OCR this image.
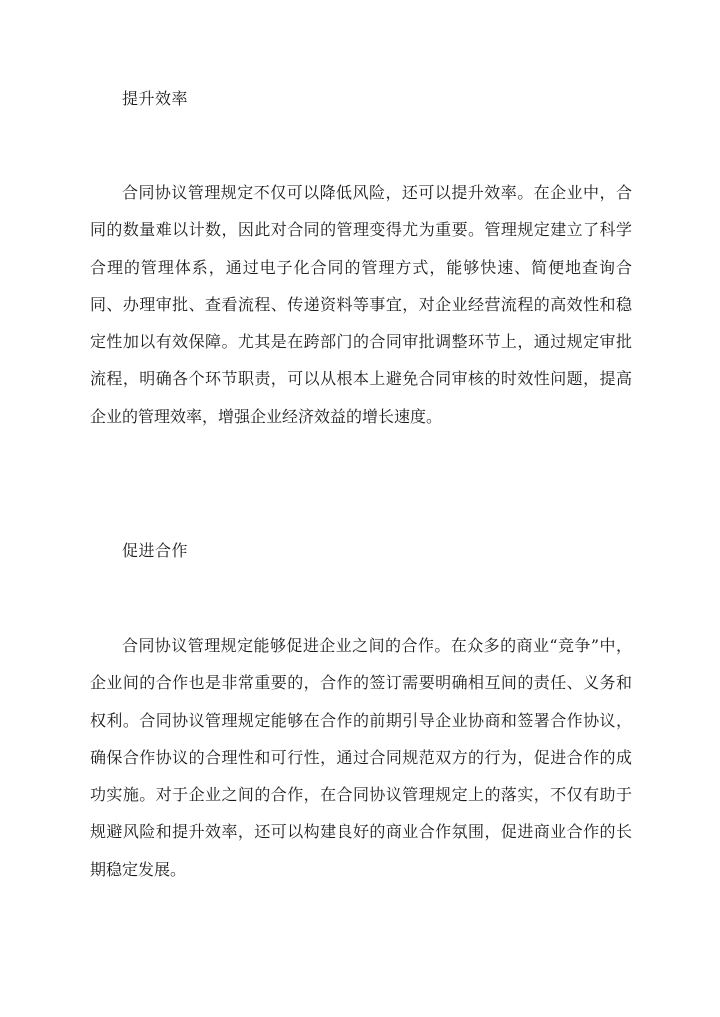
提升效率

合同协议管理规定不仅可以降低风险，还可以提升效率。在企业中，合同的数量难以计数，因此对合同的管理变得尤为重要。管理规定建立了科学合理的管理体系，通过电子化合同的管理方式，能够快速、简便地查询合同、办理审批、查看流程、传递资料等事宜，对企业经营流程的高效性和稳定性加以有效保障。尤其是在跨部门的合同审批调整环节上，通过规定审批流程，明确各个环节职责，可以从根本上避免合同审核的时效性问题，提高企业的管理效率，增强企业经济效益的增长速度。

促进合作

合同协议管理规定能够促进企业之间的合作。在众多的商业“竞争”中，企业间的合作也是非常重要的，合作的签订需要明确相互间的责任、义务和权利。合同协议管理规定能够在合作的前期引导企业协商和签署合作协议，确保合作协议的合理性和可行性，通过合同规范双方的行为，促进合作的成功实施。对于企业之间的合作，在合同协议管理规定上的落实，不仅有助于规避风险和提升效率，还可以构建良好的商业合作氛围，促进商业合作的长期稳定发展。
